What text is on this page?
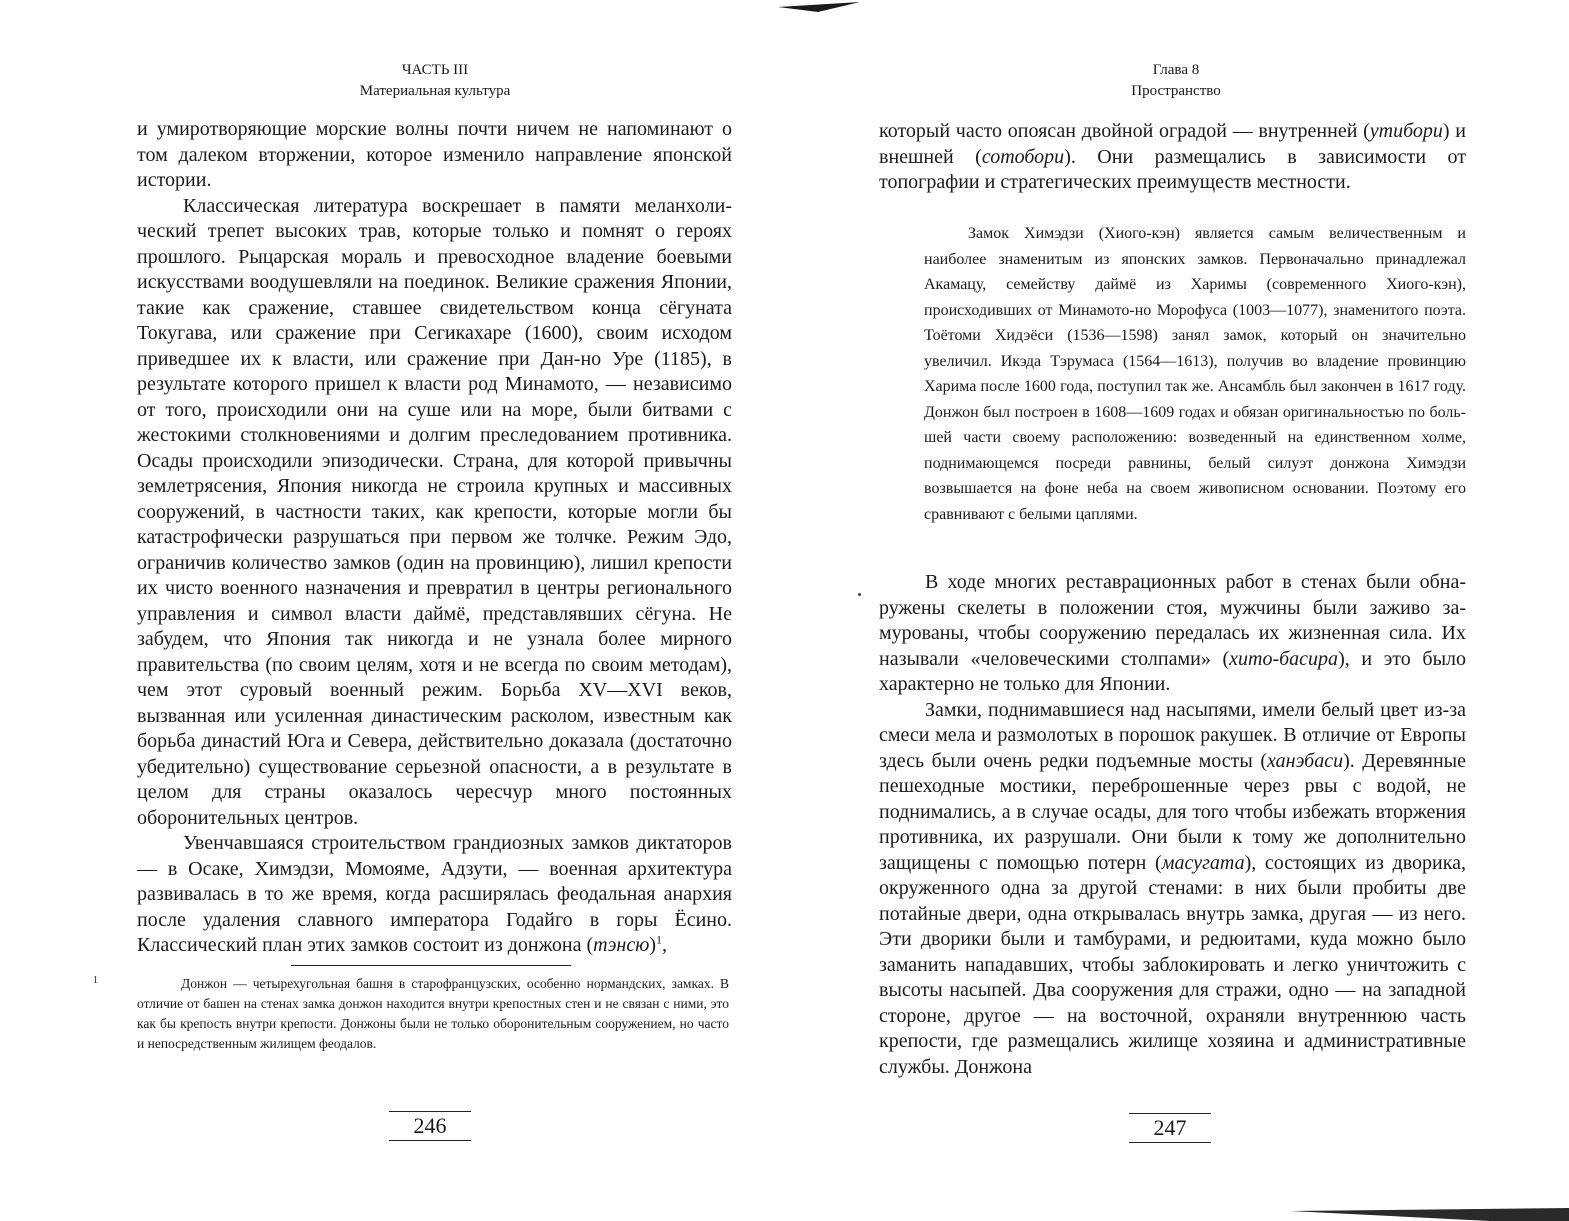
ЧАСТЬ III
Материальная культура

и умиротворяющие морские волны почти ничем не напоминают о том далеком вторжении, которое изменило направление японской истории.

Классическая литература воскрешает в памяти меланхолический трепет высоких трав, которые только и помнят о героях прошлого. Рыцарская мораль и превосходное владение боевыми искусствами воодушевляли на поединок. Великие сражения Японии, такие как сражение, ставшее свидетельством конца сёгуната Токугава, или сражение при Сегикахаре (1600), своим исходом приведшее их к власти, или сражение при Дан-но Уре (1185), в результате которого пришел к власти род Минамото, — независимо от того, происходили они на суше или на море, были битвами с жестокими столкновениями и долгим преследованием противника. Осады происходили эпизодически. Страна, для которой привычны землетрясения, Япония никогда не строила крупных и массивных сооружений, в частности таких, как крепости, которые могли бы катастрофически разрушаться при первом же толчке. Режим Эдо, ограничив количество замков (один на провинцию), лишил крепости их чисто военного назначения и превратил в центры регионального управления и символ власти даймё, представлявших сёгуна. Не забудем, что Япония так никогда и не узнала более мирного правительства (по своим целям, хотя и не всегда по своим методам), чем этот суровый военный режим. Борьба XV—XVI веков, вызванная или усиленная династическим расколом, известным как борьба династий Юга и Севера, действительно доказала (достаточно убедительно) существование серьезной опасности, а в результате в целом для страны оказалось чересчур много постоянных оборонительных центров.

Увенчавшаяся строительством грандиозных замков диктаторов — в Осаке, Химэдзи, Момояме, Адзути, — военная архитектура развивалась в то же время, когда расширялась феодальная анархия после удаления славного императора Годайго в горы Ёсино. Классический план этих замков состоит из донжона (тэнсю)$^1$,

1	Донжон — четырехугольная башня в старофранцузских, особенно нормандских, замках. В отличие от башен на стенах замка донжон находится внутри крепостных стен и не связан с ними, это как бы крепость внутри крепости. Донжоны были не только оборонительным сооружением, но часто и непосредственным жилищем феодалов.

246
Глава 8
Пространство

который часто опоясан двойной оградой — внутренней (утибори) и внешней (сотобори). Они размещались в зависимости от топографии и стратегических преимуществ местности.

Замок Химэдзи (Хиого-кэн) является самым величественным и наиболее знаменитым из японских замков. Первоначально принадлежал Акамацу, семейству даймё из Харимы (современного Хиого-кэн), происходивших от Минамото-но Морофуса (1003—1077), знаменитого поэта. Тоётоми Хидэёси (1536—1598) занял замок, который он значительно увеличил. Икэда Тэрумаса (1564—1613), получив во владение провинцию Харима после 1600 года, поступил так же. Ансамбль был закончен в 1617 году. Донжон был построен в 1608—1609 годах и обязан оригинальностью по большей части своему расположению: возведенный на единственном холме, поднимающемся посреди равнины, белый силуэт донжона Химэдзи возвышается на фоне неба на своем живописном основании. Поэтому его сравнивают с белыми цаплями.

В ходе многих реставрационных работ в стенах были обнаружены скелеты в положении стоя, мужчины были заживо замурованы, чтобы сооружению передалась их жизненная сила. Их называли «человеческими столпами» (хито-басира), и это было характерно не только для Японии.

Замки, поднимавшиеся над насыпями, имели белый цвет из-за смеси мела и размолотых в порошок ракушек. В отличие от Европы здесь были очень редки подъемные мосты (ханэбаси). Деревянные пешеходные мостики, переброшенные через рвы с водой, не поднимались, а в случае осады, для того чтобы избежать вторжения противника, их разрушали. Они были к тому же дополнительно защищены с помощью потерн (масугата), состоящих из дворика, окруженного одна за другой стенами: в них были пробиты две потайные двери, одна открывалась внутрь замка, другая — из него. Эти дворики были и тамбурами, и редюитами, куда можно было заманить нападавших, чтобы заблокировать и легко уничтожить с высоты насыпей. Два сооружения для стражи, одно — на западной стороне, другое — на восточной, охраняли внутреннюю часть крепости, где размещались жилище хозяина и административные службы. Донжона

247
